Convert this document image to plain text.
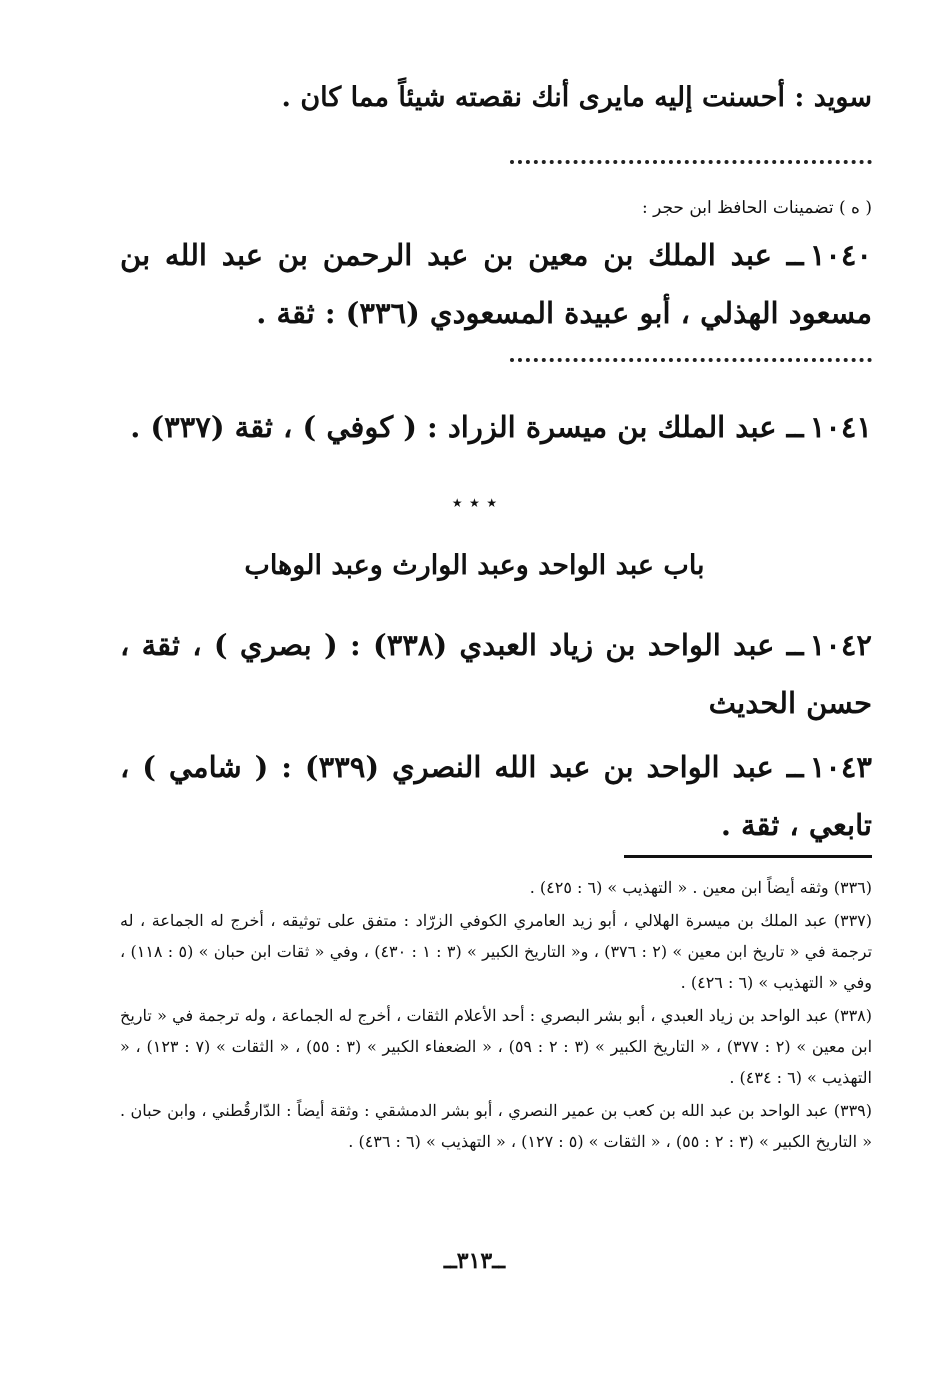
سويد : أحسنت إليه مايرى أنك نقصته شيئاً مما كان .
( ه ) تضمينات الحافظ ابن حجر :
١٠٤٠ــ عبد الملك بن معين بن عبد الرحمن بن عبد الله بن مسعود الهذلي ، أبو عبيدة المسعودي (٣٣٦) : ثقة .
١٠٤١ــ عبد الملك بن ميسرة الزراد : ( كوفي ) ، ثقة (٣٣٧) .
٭ ٭ ٭
باب عبد الواحد وعبد الوارث وعبد الوهاب
١٠٤٢ــ عبد الواحد بن زياد العبدي (٣٣٨) : ( بصري ) ، ثقة ، حسن الحديث
١٠٤٣ــ عبد الواحد بن عبد الله النصري (٣٣٩) : ( شامي ) ، تابعي ، ثقة .

(٣٣٦) وثقه أيضاً ابن معين . « التهذيب » (٦ : ٤٢٥) .

(٣٣٧) عبد الملك بن ميسرة الهلالي ، أبو زيد العامري الكوفي الزرّاد : متفق على توثيقه ، أخرج له الجماعة ، له ترجمة في « تاريخ ابن معين » (٢ : ٣٧٦) ، و« التاريخ الكبير » (٣ : ١ : ٤٣٠) ، وفي « ثقات ابن حبان » (٥ : ١١٨) ، وفي « التهذيب » (٦ : ٤٢٦) .

(٣٣٨) عبد الواحد بن زياد العبدي ، أبو بشر البصري : أحد الأعلام الثقات ، أخرج له الجماعة ، وله ترجمة في « تاريخ ابن معين » (٢ : ٣٧٧) ، « التاريخ الكبير » (٣ : ٢ : ٥٩) ، « الضعفاء الكبير » (٣ : ٥٥) ، « الثقات » (٧ : ١٢٣) ، « التهذيب » (٦ : ٤٣٤) .

(٣٣٩) عبد الواحد بن عبد الله بن كعب بن عمير النصري ، أبو بشر الدمشقي : وثقة أيضاً : الدّارقُطني ، وابن حبان . « التاريخ الكبير » (٣ : ٢ : ٥٥) ، « الثقات » (٥ : ١٢٧) ، « التهذيب » (٦ : ٤٣٦) .

ــ٣١٣ــ
